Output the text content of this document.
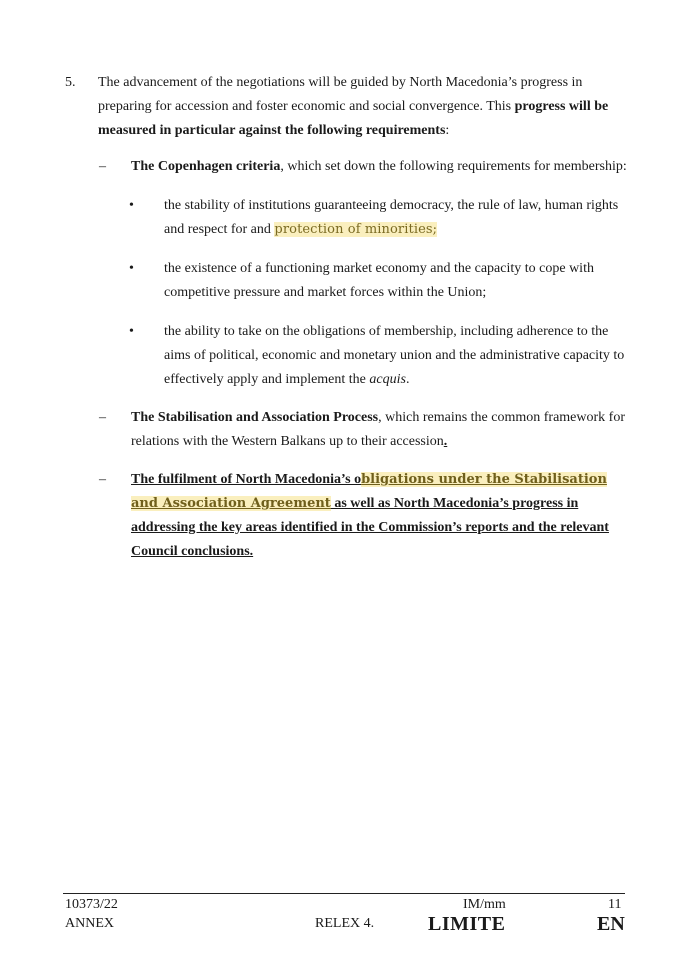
5. The advancement of the negotiations will be guided by North Macedonia’s progress in preparing for accession and foster economic and social convergence. This progress will be measured in particular against the following requirements:
– The Copenhagen criteria, which set down the following requirements for membership:
• the stability of institutions guaranteeing democracy, the rule of law, human rights and respect for and protection of minorities;
• the existence of a functioning market economy and the capacity to cope with competitive pressure and market forces within the Union;
• the ability to take on the obligations of membership, including adherence to the aims of political, economic and monetary union and the administrative capacity to effectively apply and implement the acquis.
– The Stabilisation and Association Process, which remains the common framework for relations with the Western Balkans up to their accession.
– The fulfilment of North Macedonia’s obligations under the Stabilisation and Association Agreement as well as North Macedonia’s progress in addressing the key areas identified in the Commission’s reports and the relevant Council conclusions.
10373/22
ANNEX	RELEX 4.
IM/mm	11
LIMITE	EN
